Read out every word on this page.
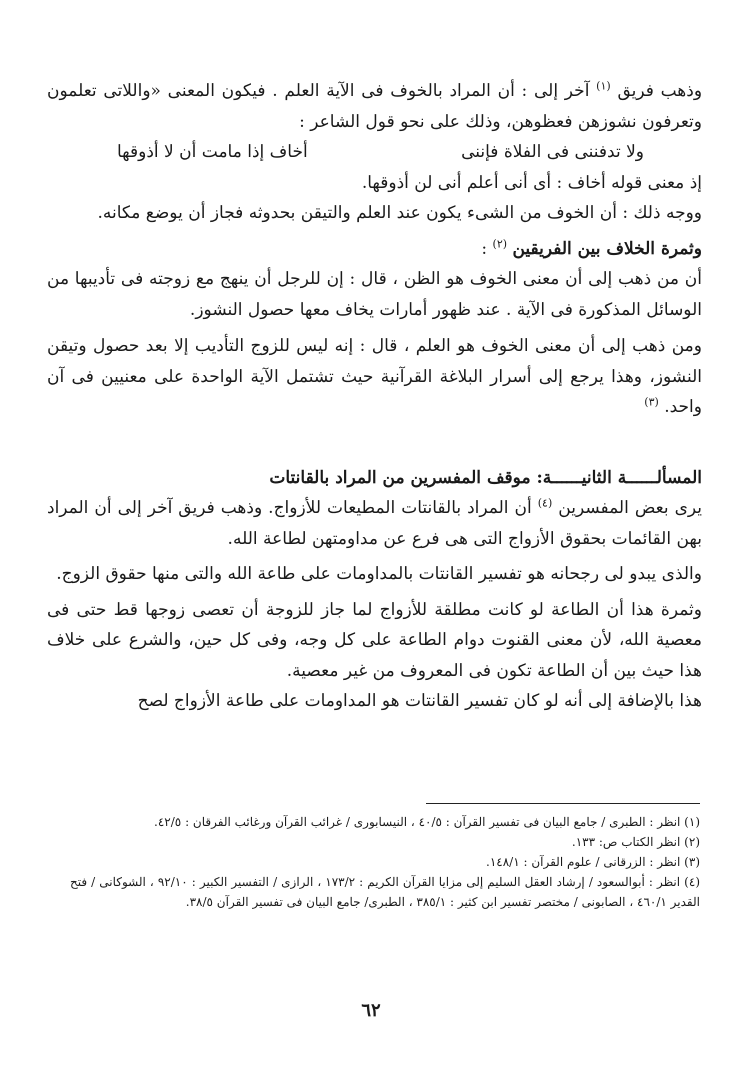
وذهب فريق $^{(١)}$ آخر إلى : أن المراد بالخوف فى الآية العلم . فيكون المعنى «واللاتى تعلمون وتعرفون نشوزهن فعظوهن، وذلك على نحو قول الشاعر :

ولا تدفننى فى الفلاة فإننى
أخاف إذا مامت أن لا أذوقها

إذ معنى قوله أخاف : أى أنى أعلم أنى لن أذوقها.

ووجه ذلك : أن الخوف من الشىء يكون عند العلم والتيقن بحدوثه فجاز أن يوضع مكانه.

وثمرة الخلاف بين الفريقين $^{(٢)}$ :

أن من ذهب إلى أن معنى الخوف هو الظن ، قال : إن للرجل أن ينهج مع زوجته فى تأديبها من الوسائل المذكورة فى الآية . عند ظهور أمارات يخاف معها حصول النشوز.

ومن ذهب إلى أن معنى الخوف هو العلم ، قال : إنه ليس للزوج التأديب إلا بعد حصول وتيقن النشوز، وهذا يرجع إلى أسرار البلاغة القرآنية حيث تشتمل الآية الواحدة على معنيين فى آن واحد. $^{(٣)}$

المسألــــــة الثانيــــــة: موقف المفسرين من المراد بالقانتات

يرى بعض المفسرين $^{(٤)}$ أن المراد بالقانتات المطيعات للأزواج. وذهب فريق آخر إلى أن المراد بهن القائمات بحقوق الأزواج التى هى فرع عن مداومتهن لطاعة الله.

والذى يبدو لى رجحانه هو تفسير القانتات بالمداومات على طاعة الله والتى منها حقوق الزوج.

وثمرة هذا أن الطاعة لو كانت مطلقة للأزواج لما جاز للزوجة أن تعصى زوجها قط حتى فى معصية الله، لأن معنى القنوت دوام الطاعة على كل وجه، وفى كل حين، والشرع على خلاف هذا حيث بين أن الطاعة تكون فى المعروف من غير معصية.

هذا بالإضافة إلى أنه لو كان تفسير القانتات هو المداومات على طاعة الأزواج لصح

(١) انظر : الطبرى / جامع البيان فى تفسير القرآن : ٤٠/٥ ، النيسابورى / غرائب القرآن ورغائب الفرقان : ٤٢/٥.

(٢) انظر الكتاب ص: ١٣٣.

(٣) انظر : الزرقانى / علوم القرآن : ١٤٨/١.

(٤) انظر : أبوالسعود / إرشاد العقل السليم إلى مزايا القرآن الكريم : ١٧٣/٢ ، الرازى / التفسير الكبير : ٩٢/١٠ ، الشوكانى / فتح القدير ٤٦٠/١ ، الصابونى / مختصر تفسير ابن كثير : ٣٨٥/١ ، الطبرى/ جامع البيان فى تفسير القرآن ٣٨/٥.

٦٢
